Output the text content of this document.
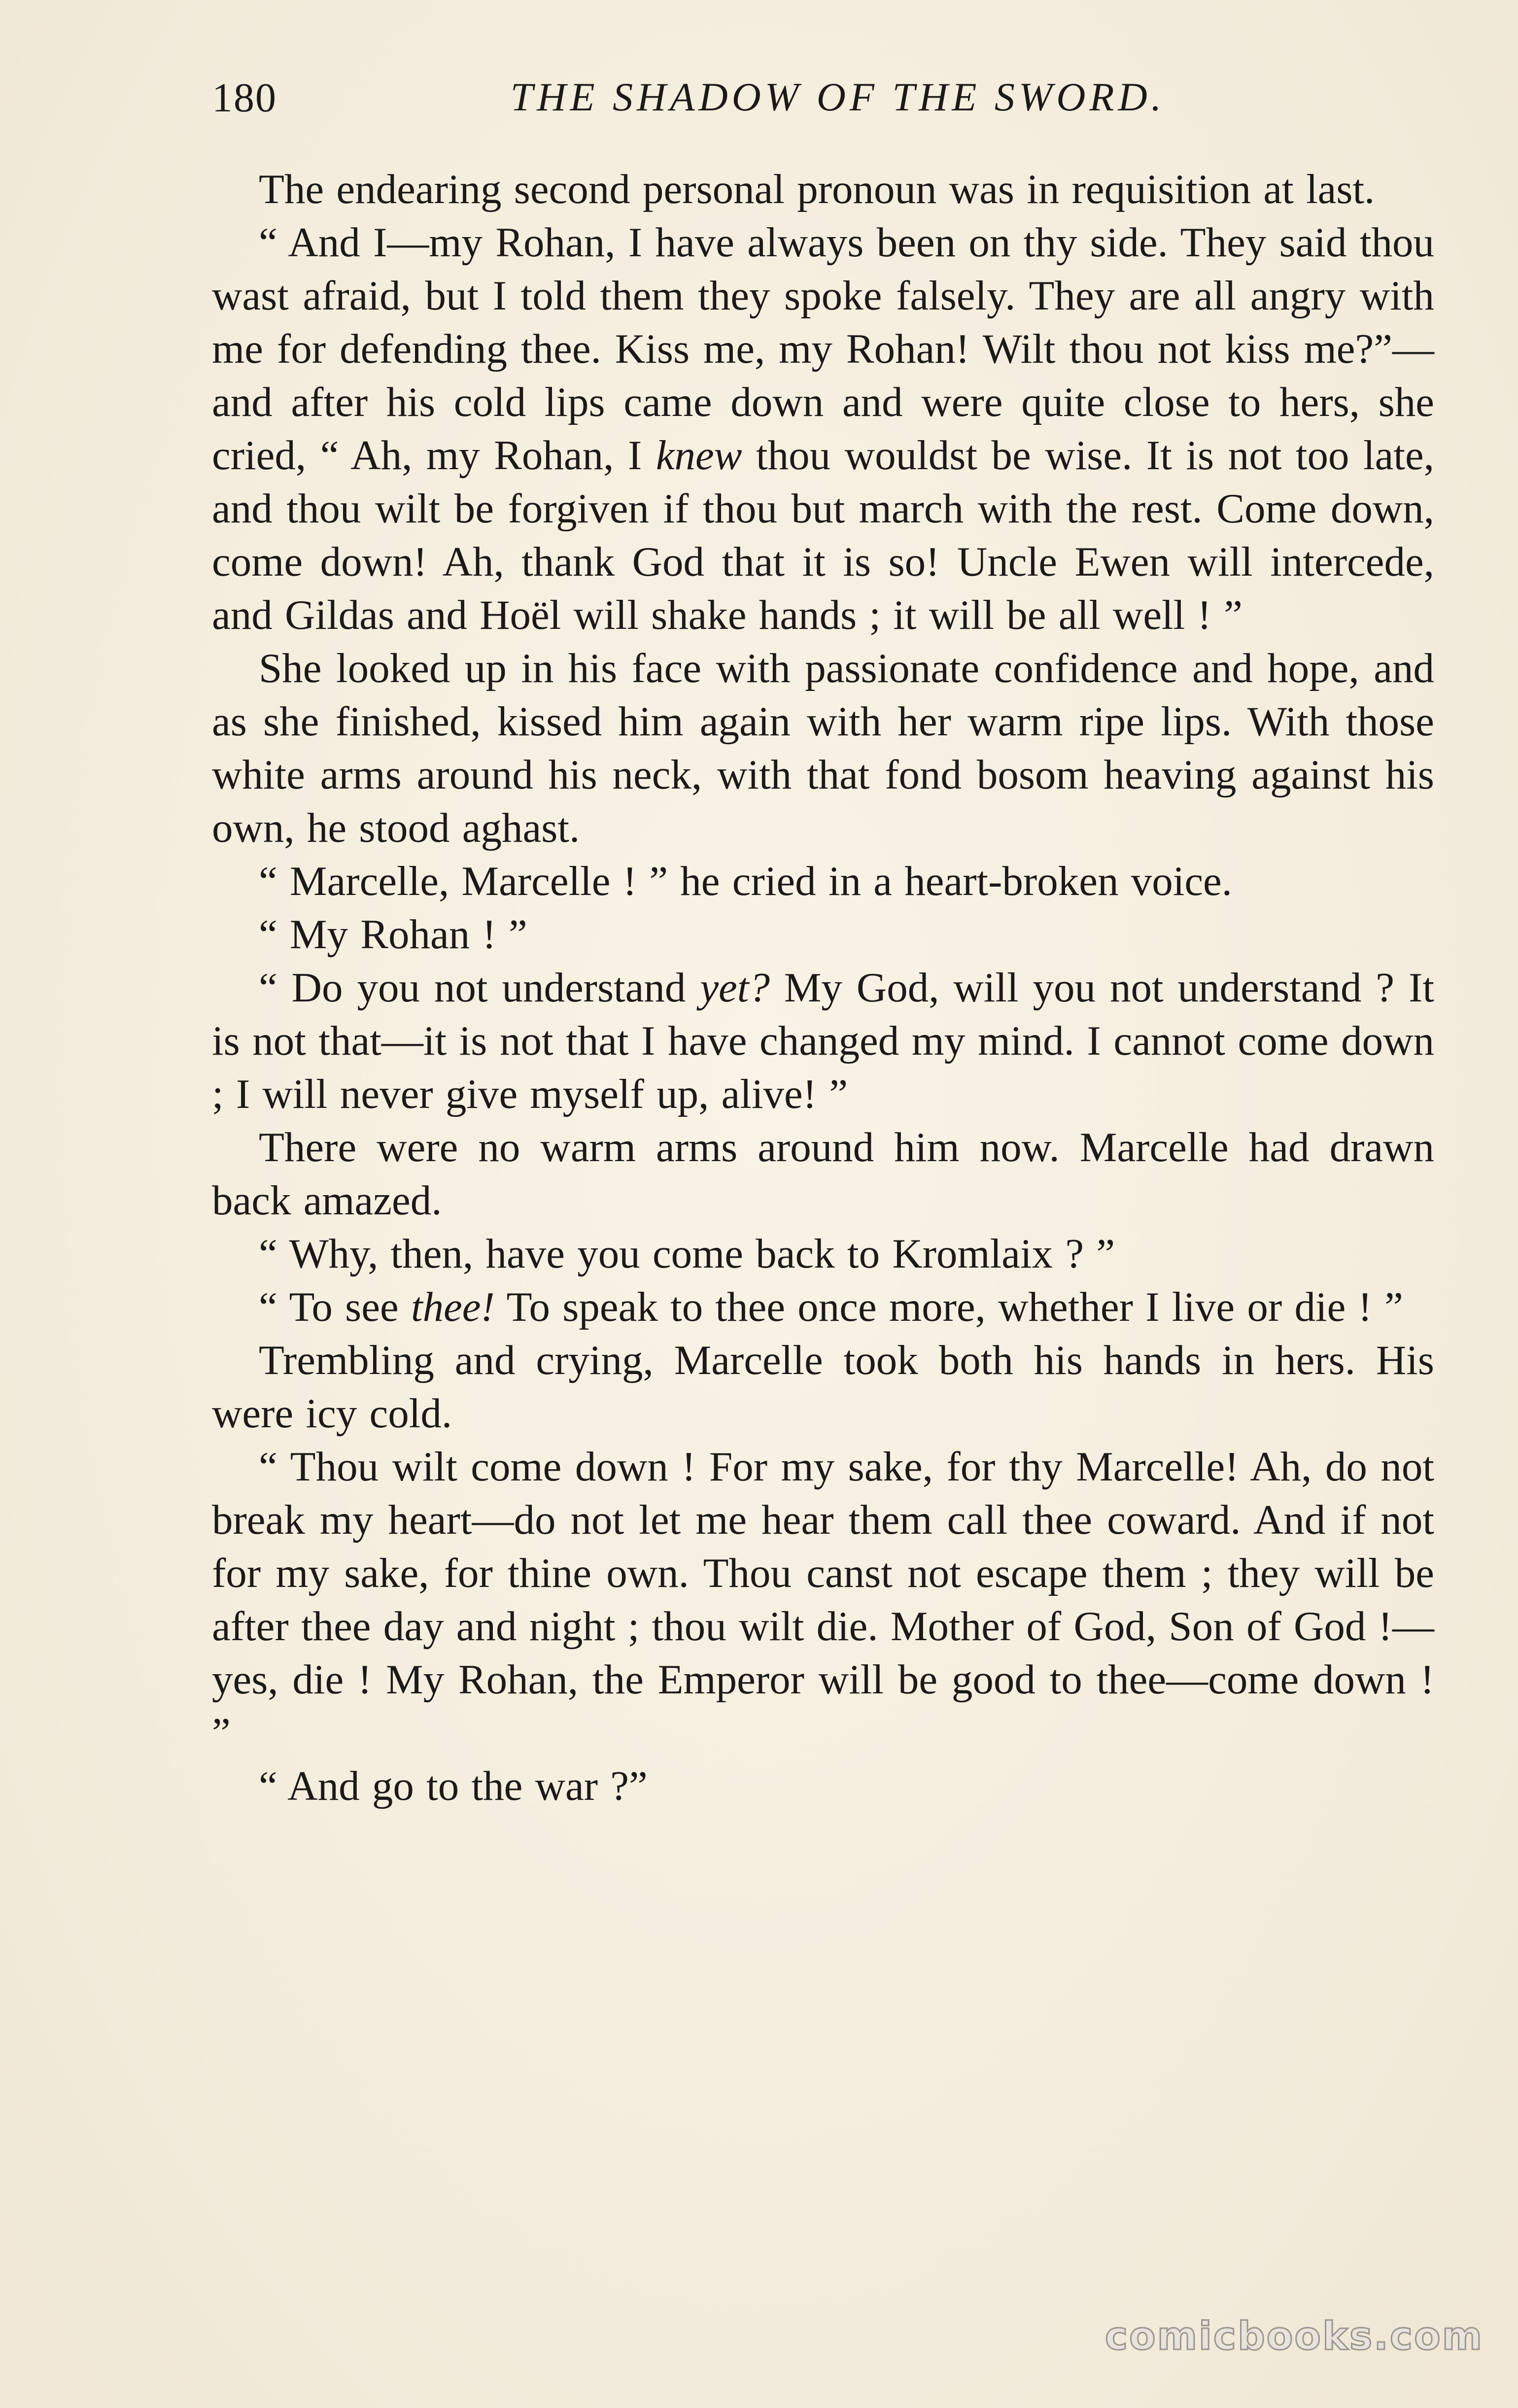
180	THE SHADOW OF THE SWORD.

The endearing second personal pronoun was in requisition at last.

“ And I—my Rohan, I have always been on thy side. They said thou wast afraid, but I told them they spoke falsely. They are all angry with me for defending thee. Kiss me, my Rohan! Wilt thou not kiss me?”—and after his cold lips came down and were quite close to hers, she cried, “ Ah, my Rohan, I knew thou wouldst be wise. It is not too late, and thou wilt be forgiven if thou but march with the rest. Come down, come down! Ah, thank God that it is so! Uncle Ewen will intercede, and Gildas and Hoël will shake hands ; it will be all well ! ”

She looked up in his face with passionate confidence and hope, and as she finished, kissed him again with her warm ripe lips. With those white arms around his neck, with that fond bosom heaving against his own, he stood aghast.

“ Marcelle, Marcelle ! ” he cried in a heart-broken voice.

“ My Rohan ! ”

“ Do you not understand yet? My God, will you not understand ? It is not that—it is not that I have changed my mind. I cannot come down ; I will never give myself up, alive! ”

There were no warm arms around him now. Marcelle had drawn back amazed.

“ Why, then, have you come back to Kromlaix ? ”

“ To see thee! To speak to thee once more, whether I live or die ! ”

Trembling and crying, Marcelle took both his hands in hers. His were icy cold.

“ Thou wilt come down ! For my sake, for thy Marcelle! Ah, do not break my heart—do not let me hear them call thee coward. And if not for my sake, for thine own. Thou canst not escape them ; they will be after thee day and night ; thou wilt die. Mother of God, Son of God !—yes, die ! My Rohan, the Emperor will be good to thee—come down ! ”

“ And go to the war ?”

comicbooks.com
